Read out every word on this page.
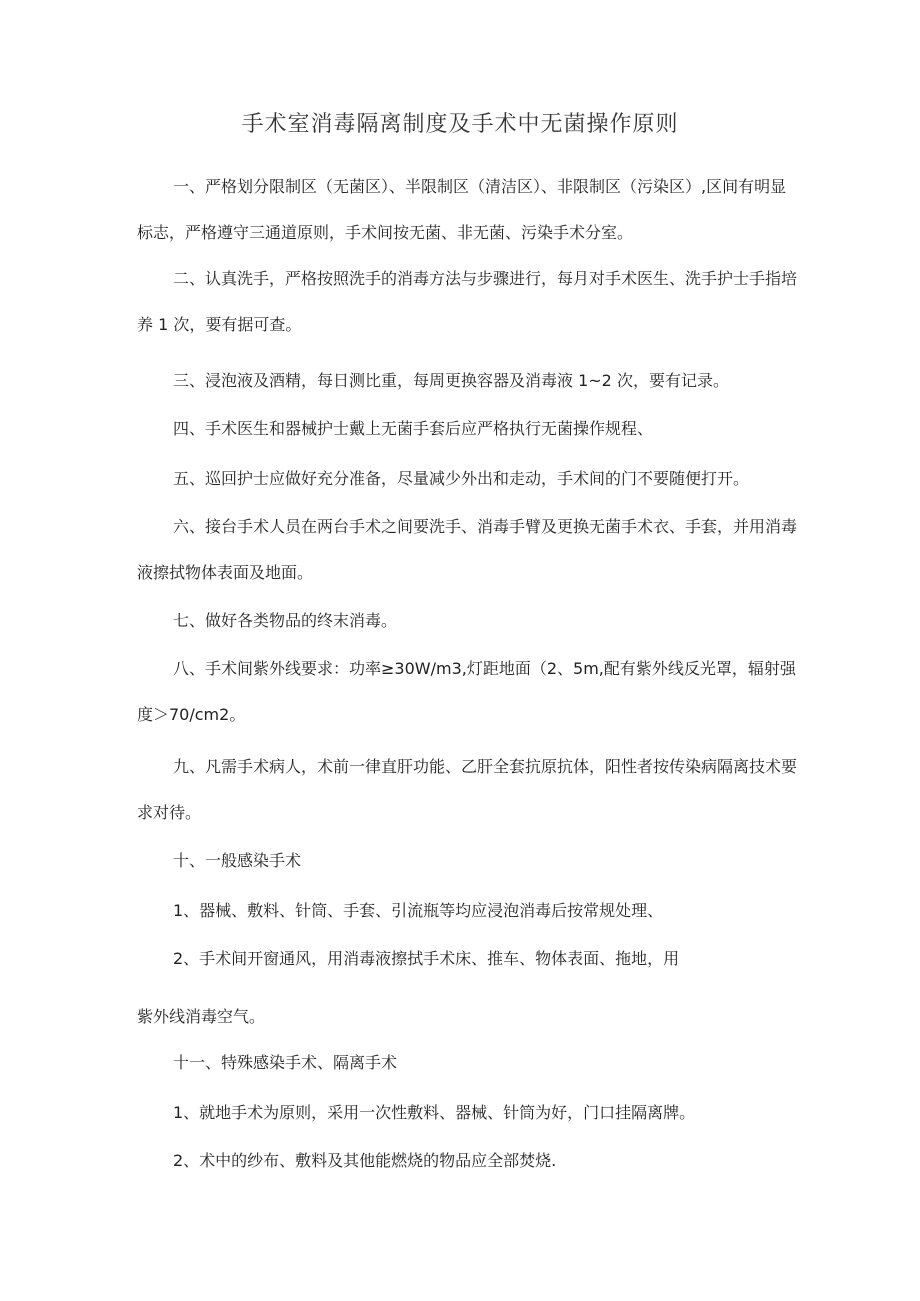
手术室消毒隔离制度及手术中无菌操作原则
一、严格划分限制区（无菌区）、半限制区（清洁区）、非限制区（污染区）,区间有明显标志，严格遵守三通道原则，手术间按无菌、非无菌、污染手术分室。
二、认真洗手，严格按照洗手的消毒方法与步骤进行，每月对手术医生、洗手护士手指培养 1 次，要有据可查。
三、浸泡液及酒精，每日测比重，每周更换容器及消毒液 1~2 次，要有记录。
四、手术医生和器械护士戴上无菌手套后应严格执行无菌操作规程、
五、巡回护士应做好充分准备，尽量减少外出和走动，手术间的门不要随便打开。
六、接台手术人员在两台手术之间要洗手、消毒手臂及更换无菌手术衣、手套，并用消毒液擦拭物体表面及地面。
七、做好各类物品的终末消毒。
八、手术间紫外线要求：功率≥30W/m3,灯距地面（2、5m,配有紫外线反光罩，辐射强度＞70/cm2。
九、凡需手术病人，术前一律直肝功能、乙肝全套抗原抗体，阳性者按传染病隔离技术要求对待。
十、一般感染手术
1、器械、敷料、针筒、手套、引流瓶等均应浸泡消毒后按常规处理、
2、手术间开窗通风，用消毒液擦拭手术床、推车、物体表面、拖地，用
紫外线消毒空气。
十一、特殊感染手术、隔离手术
1、就地手术为原则，采用一次性敷料、器械、针筒为好，门口挂隔离牌。
2、术中的纱布、敷料及其他能燃烧的物品应全部焚烧.
